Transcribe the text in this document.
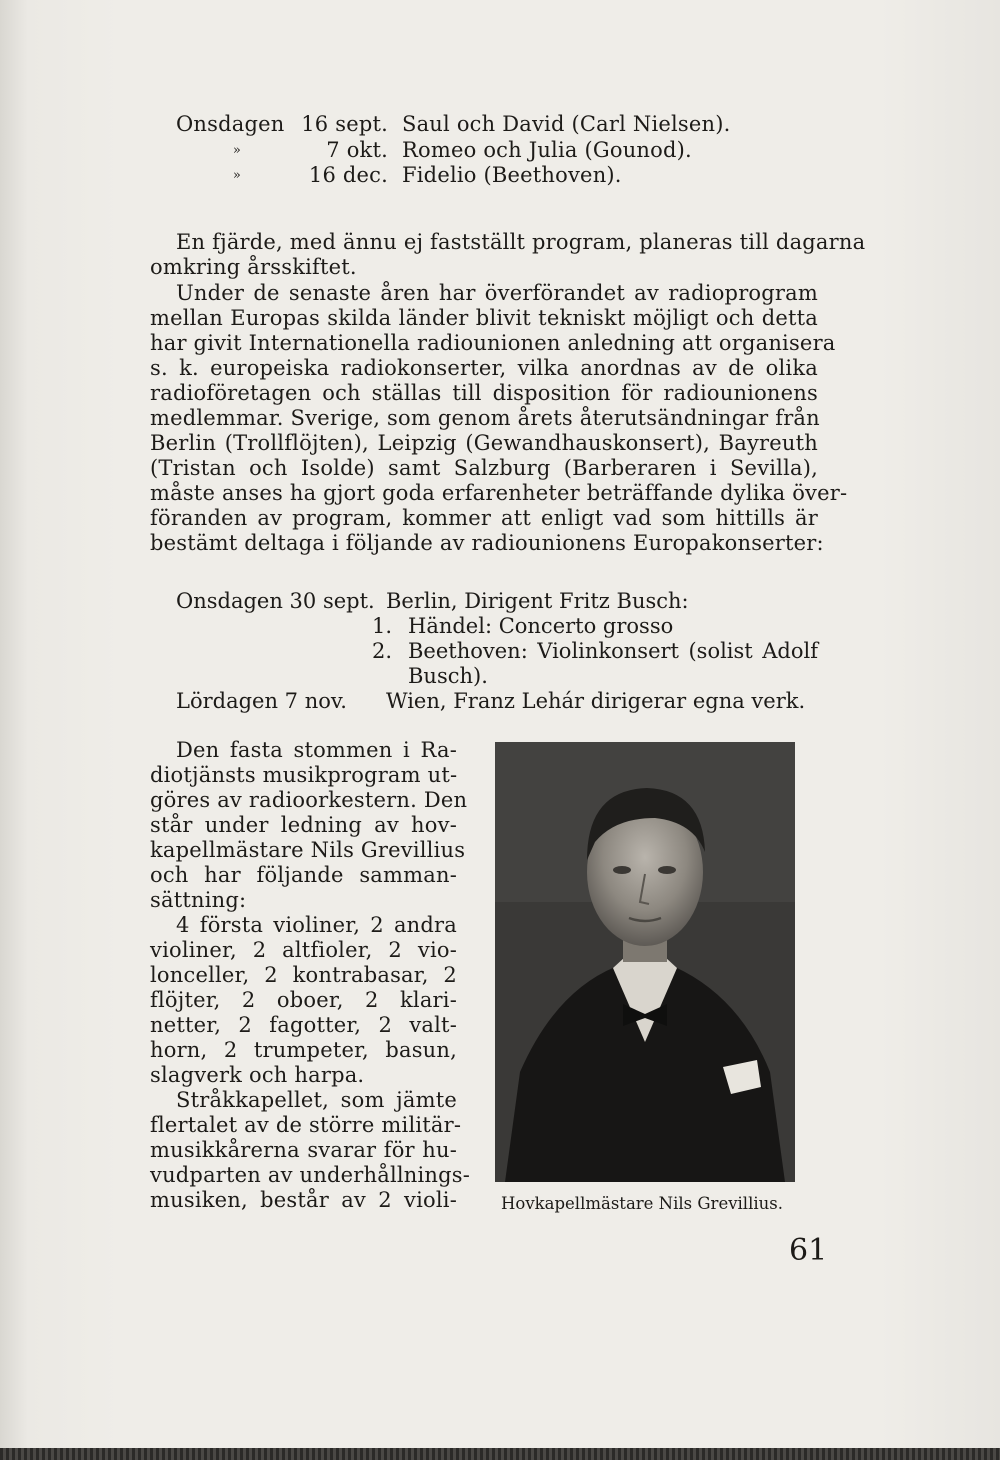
Onsdagen	16 sept.	Saul och David (Carl Nielsen).
»	7 okt.	Romeo och Julia (Gounod).
»	16 dec.	Fidelio (Beethoven).
En fjärde, med ännu ej fastställt program, planeras till dagarna
omkring årsskiftet.
Under de senaste åren har överförandet av radioprogram
mellan Europas skilda länder blivit tekniskt möjligt och detta
har givit Internationella radiounionen anledning att organisera
s. k. europeiska radiokonserter, vilka anordnas av de olika
radioföretagen och ställas till disposition för radiounionens
medlemmar. Sverige, som genom årets återutsändningar från
Berlin (Trollflöjten), Leipzig (Gewandhauskonsert), Bayreuth
(Tristan och Isolde) samt Salzburg (Barberaren i Sevilla),
måste anses ha gjort goda erfarenheter beträffande dylika över-
föranden av program, kommer att enligt vad som hittills är
bestämt deltaga i följande av radiounionens Europakonserter:
Onsdagen 30 sept. Berlin, Dirigent Fritz Busch:
1. Händel: Concerto grosso
2. Beethoven: Violinkonsert (solist Adolf
Busch).
Lördagen 7 nov. Wien, Franz Lehár dirigerar egna verk.
Den fasta stommen i Ra-
diotjänsts musikprogram ut-
göres av radioorkestern. Den
står under ledning av hov-
kapellmästare Nils Grevillius
och har följande samman-
sättning:
4 första violiner, 2 andra
violiner, 2 altfioler, 2 vio-
lonceller, 2 kontrabasar, 2
flöjter, 2 oboer, 2 klari-
netter, 2 fagotter, 2 valt-
horn, 2 trumpeter, basun,
slagverk och harpa.
Stråkkapellet, som jämte
flertalet av de större militär-
musikkårerna svarar för hu-
vudparten av underhållnings-
musiken, består av 2 violi-	Hovkapellmästare Nils Grevillius.
61
